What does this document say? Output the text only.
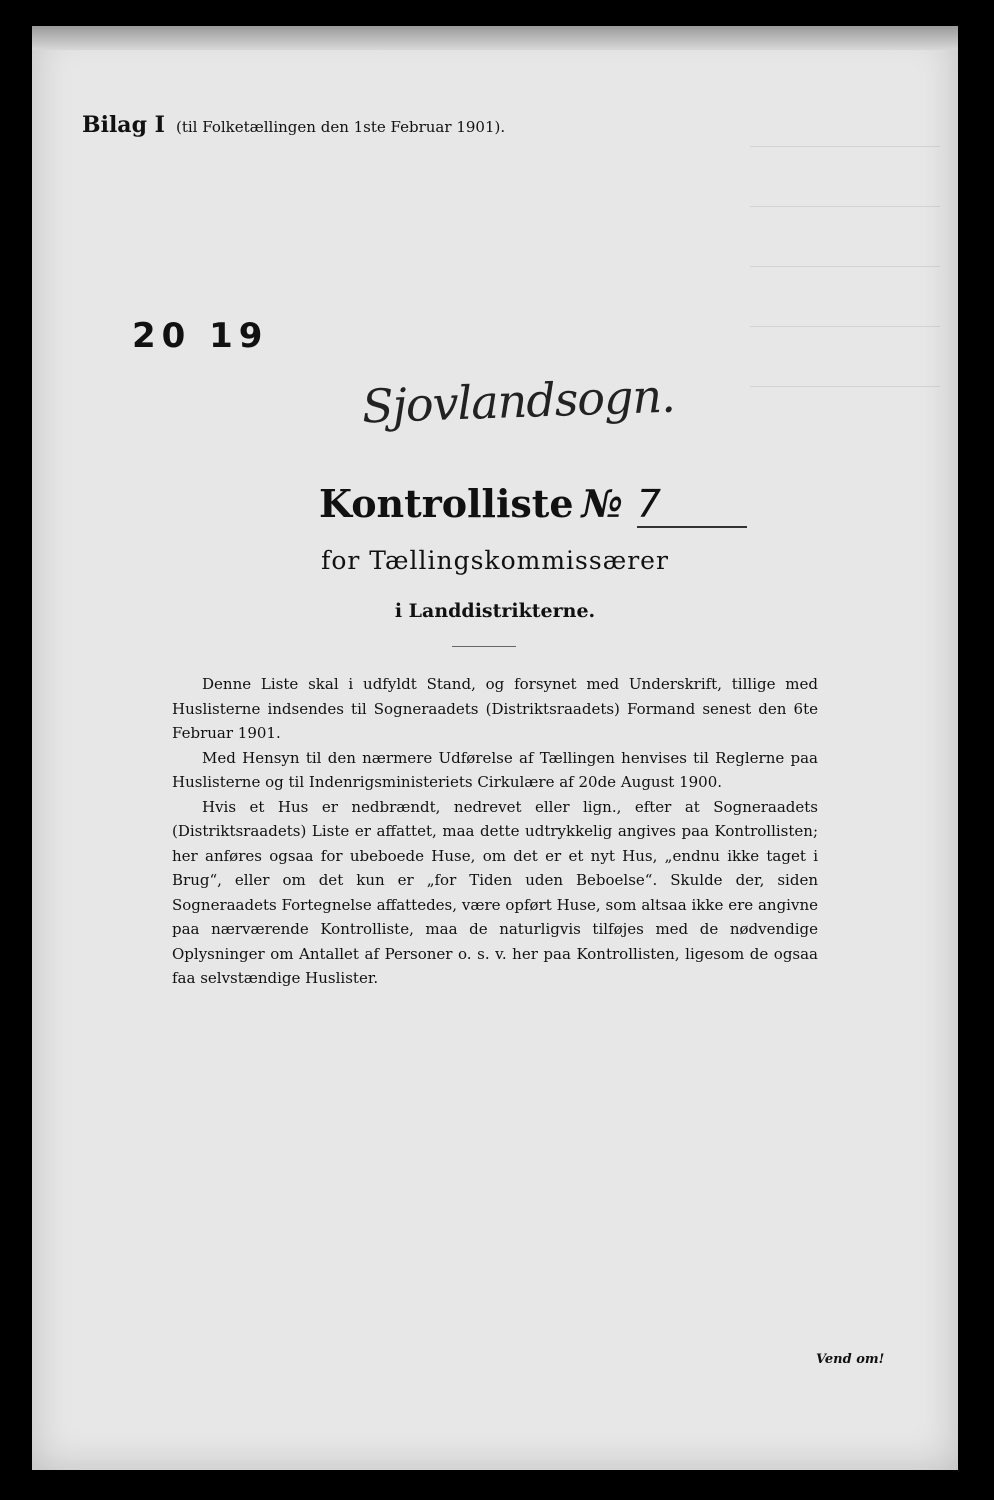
Bilag I (til Folketællingen den 1ste Februar 1901).
20 19
Sjovlandsogn.
Kontrolliste № 7
for Tællingskommissærer
i Landdistrikterne.

Denne Liste skal i udfyldt Stand, og forsynet med Underskrift, tillige med Huslisterne indsendes til Sogneraadets (Distriktsraadets) Formand senest den 6te Februar 1901.

Med Hensyn til den nærmere Udførelse af Tællingen henvises til Reglerne paa Huslisterne og til Indenrigsministeriets Cirkulære af 20de August 1900.

Hvis et Hus er nedbrændt, nedrevet eller lign., efter at Sogneraadets (Distriktsraadets) Liste er affattet, maa dette udtrykkelig angives paa Kontrollisten; her anføres ogsaa for ubeboede Huse, om det er et nyt Hus, „endnu ikke taget i Brug“, eller om det kun er „for Tiden uden Beboelse“. Skulde der, siden Sogneraadets Fortegnelse affattedes, være opført Huse, som altsaa ikke ere angivne paa nærværende Kontrolliste, maa de naturligvis tilføjes med de nødvendige Oplysninger om Antallet af Personer o. s. v. her paa Kontrollisten, ligesom de ogsaa faa selvstændige Huslister.

Vend om!
